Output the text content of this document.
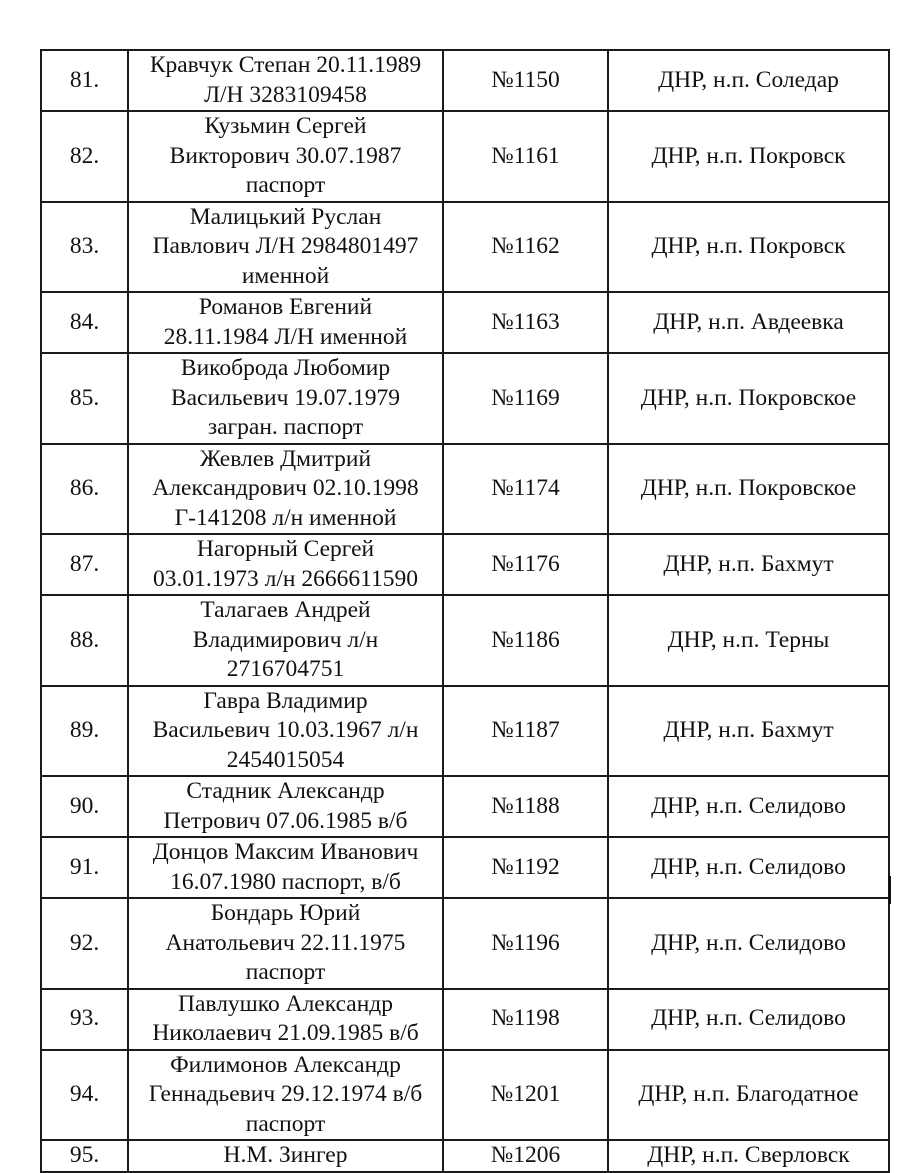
81.	Кравчук Степан 20.11.1989
Л/Н 3283109458	№1150	ДНР, н.п. Соледар
82.	Кузьмин Сергей
Викторович 30.07.1987
паспорт	№1161	ДНР, н.п. Покровск
83.	Малицький Руслан
Павлович Л/Н 2984801497
именной	№1162	ДНР, н.п. Покровск
84.	Романов Евгений
28.11.1984 Л/Н именной	№1163	ДНР, н.п. Авдеевка
85.	Викоброда Любомир
Васильевич 19.07.1979
загран. паспорт	№1169	ДНР, н.п. Покровское
86.	Жевлев Дмитрий
Александрович 02.10.1998
Г-141208 л/н именной	№1174	ДНР, н.п. Покровское
87.	Нагорный Сергей
03.01.1973 л/н 2666611590	№1176	ДНР, н.п. Бахмут
88.	Талагаев Андрей
Владимирович л/н
2716704751	№1186	ДНР, н.п. Терны
89.	Гавра Владимир
Васильевич 10.03.1967 л/н
2454015054	№1187	ДНР, н.п. Бахмут
90.	Стадник Александр
Петрович 07.06.1985 в/б	№1188	ДНР, н.п. Селидово
91.	Донцов Максим Иванович
16.07.1980 паспорт, в/б	№1192	ДНР, н.п. Селидово
92.	Бондарь Юрий
Анатольевич 22.11.1975
паспорт	№1196	ДНР, н.п. Селидово
93.	Павлушко Александр
Николаевич 21.09.1985 в/б	№1198	ДНР, н.п. Селидово
94.	Филимонов Александр
Геннадьевич 29.12.1974 в/б
паспорт	№1201	ДНР, н.п. Благодатное
95.	Н.М. Зингер	№1206	ДНР, н.п. Сверловск
